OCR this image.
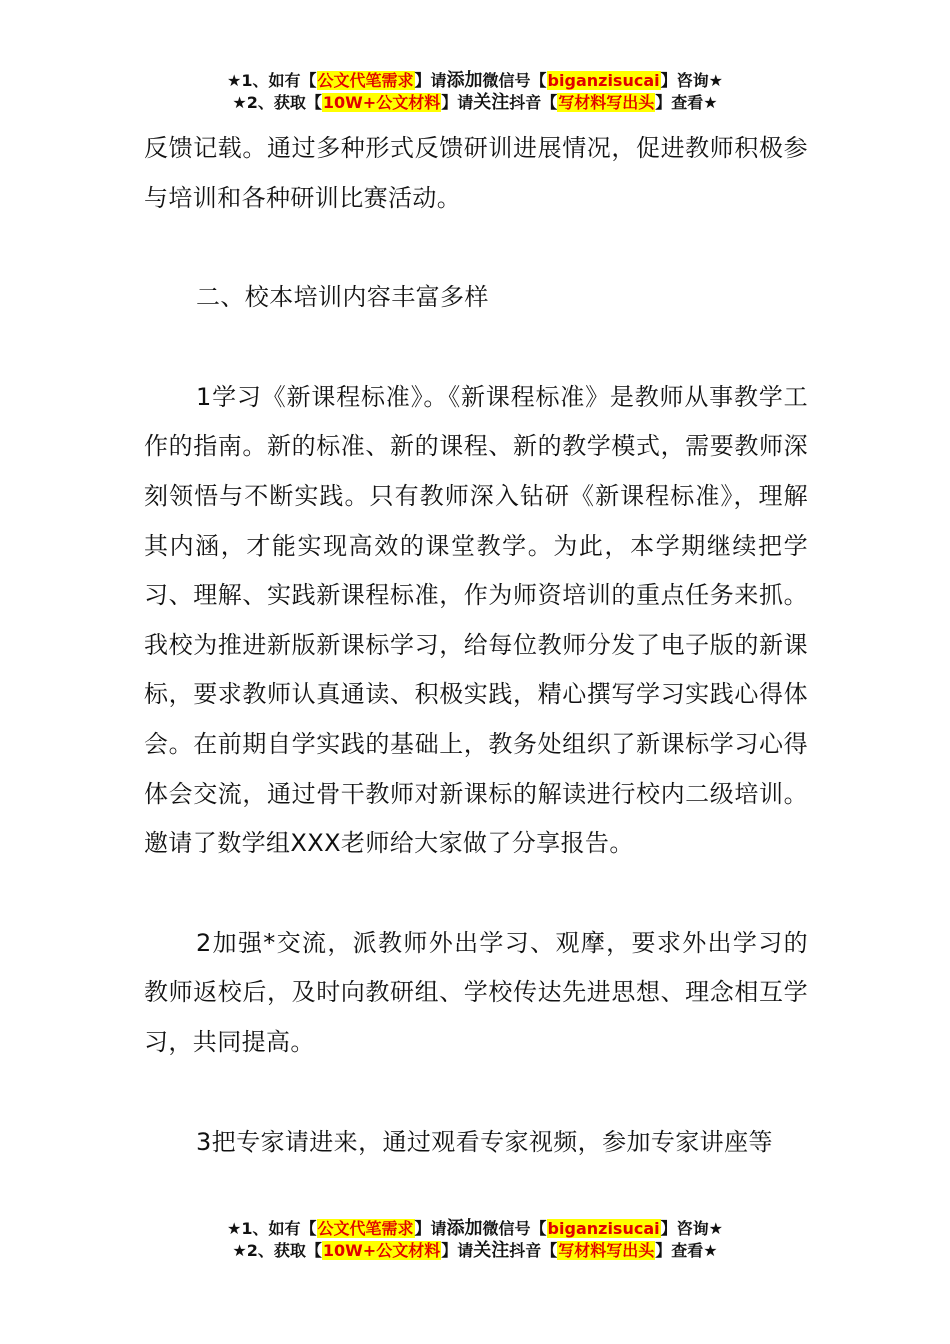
★1、如有【公文代笔需求】请添加微信号【biganzisucai】咨询★
★2、获取【10W+公文材料】请关注抖音【写材料写出头】查看★

反馈记载。通过多种形式反馈研训进展情况，促进教师积极参与培训和各种研训比赛活动。

二、校本培训内容丰富多样

1学习《新课程标准》。《新课程标准》是教师从事教学工作的指南。新的标准、新的课程、新的教学模式，需要教师深刻领悟与不断实践。只有教师深入钻研《新课程标准》，理解其内涵，才能实现高效的课堂教学。为此，本学期继续把学习、理解、实践新课程标准，作为师资培训的重点任务来抓。我校为推进新版新课标学习，给每位教师分发了电子版的新课标，要求教师认真通读、积极实践，精心撰写学习实践心得体会。在前期自学实践的基础上，教务处组织了新课标学习心得体会交流，通过骨干教师对新课标的解读进行校内二级培训。邀请了数学组XXX老师给大家做了分享报告。

2加强*交流，派教师外出学习、观摩，要求外出学习的教师返校后，及时向教研组、学校传达先进思想、理念相互学习，共同提高。

3把专家请进来，通过观看专家视频，参加专家讲座等

★1、如有【公文代笔需求】请添加微信号【biganzisucai】咨询★
★2、获取【10W+公文材料】请关注抖音【写材料写出头】查看★
